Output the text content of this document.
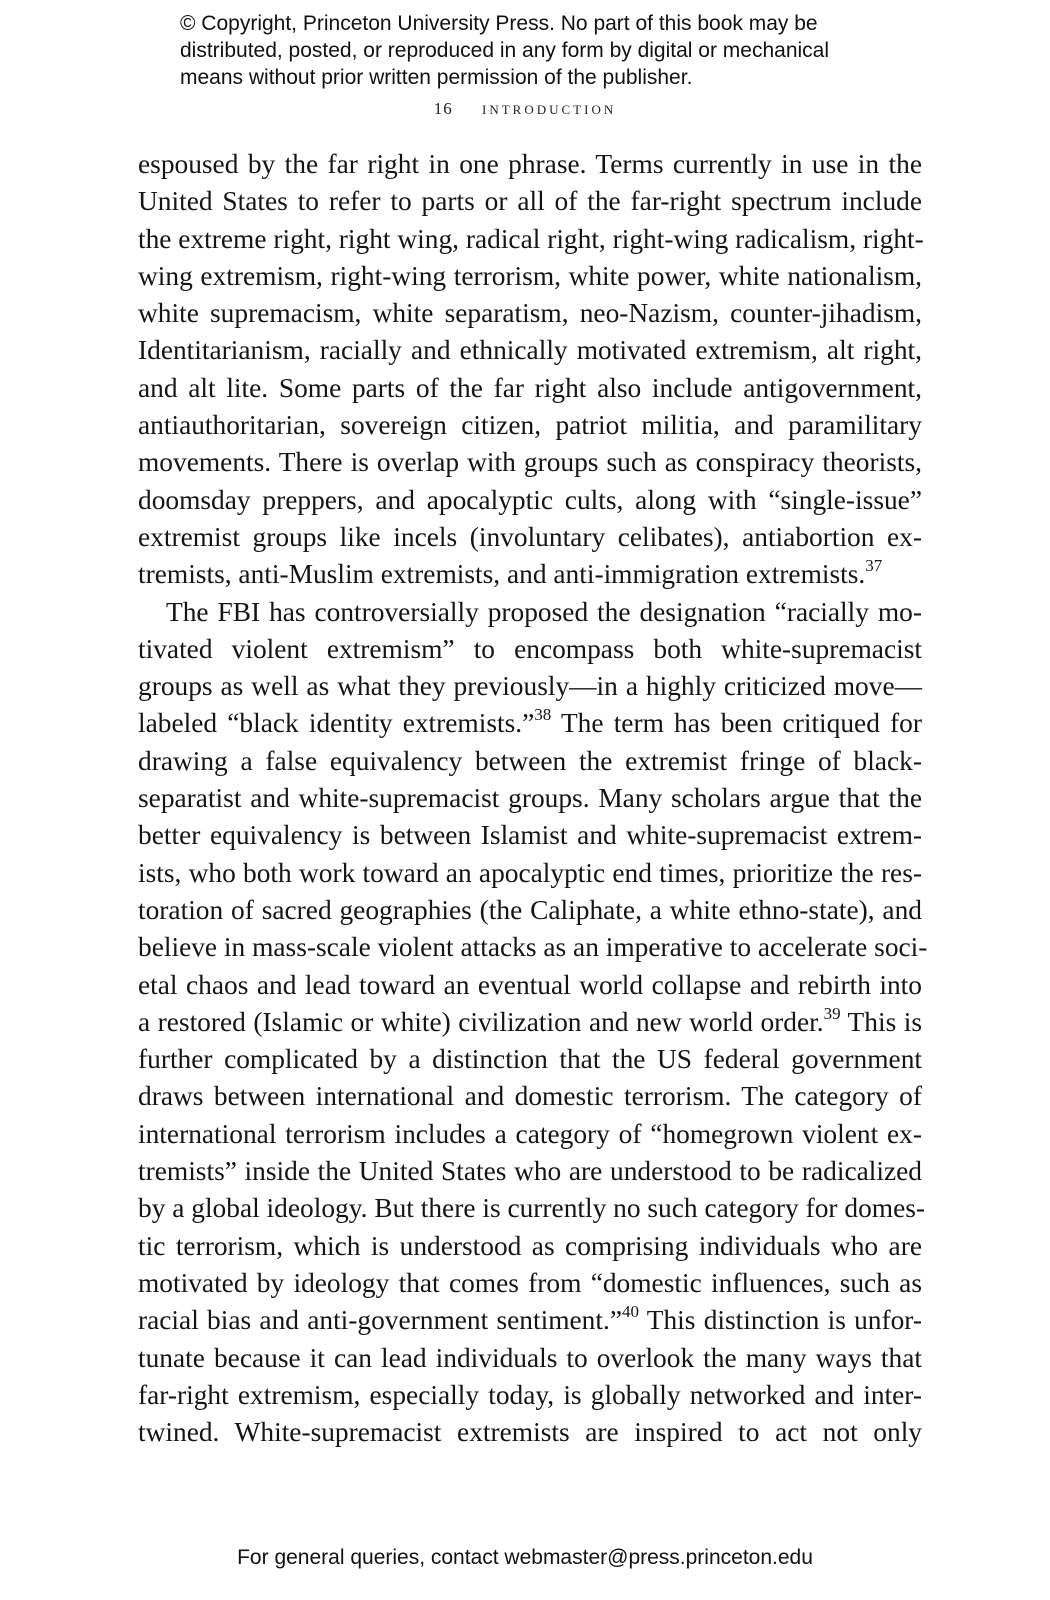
© Copyright, Princeton University Press. No part of this book may be
distributed, posted, or reproduced in any form by digital or mechanical
means without prior written permission of the publisher.
16 introduction
espoused by the far right in one phrase. Terms currently in use in the
United States to refer to parts or all of the far-right spectrum include
the extreme right, right wing, radical right, right-wing radicalism, right-
wing extremism, right-wing terrorism, white power, white nationalism,
white supremacism, white separatism, neo-Nazism, counter-jihadism,
Identitarianism, racially and ethnically motivated extremism, alt right,
and alt lite. Some parts of the far right also include antigovernment,
antiauthoritarian, sovereign citizen, patriot militia, and paramilitary
movements. There is overlap with groups such as conspiracy theorists,
doomsday preppers, and apocalyptic cults, along with “single-issue”
extremist groups like incels (involuntary celibates), antiabortion ex-
tremists, anti-Muslim extremists, and anti-immigration extremists.$^{37}$
The FBI has controversially proposed the designation “racially mo-
tivated violent extremism” to encompass both white-supremacist
groups as well as what they previously—in a highly criticized move—
labeled “black identity extremists.”$^{38}$ The term has been critiqued for
drawing a false equivalency between the extremist fringe of black-
separatist and white-supremacist groups. Many scholars argue that the
better equivalency is between Islamist and white-supremacist extrem-
ists, who both work toward an apocalyptic end times, prioritize the res-
toration of sacred geographies (the Caliphate, a white ethno-state), and
believe in mass-scale violent attacks as an imperative to accelerate soci-
etal chaos and lead toward an eventual world collapse and rebirth into
a restored (Islamic or white) civilization and new world order.$^{39}$ This is
further complicated by a distinction that the US federal government
draws between international and domestic terrorism. The category of
international terrorism includes a category of “homegrown violent ex-
tremists” inside the United States who are understood to be radicalized
by a global ideology. But there is currently no such category for domes-
tic terrorism, which is understood as comprising individuals who are
motivated by ideology that comes from “domestic influences, such as
racial bias and anti-government sentiment.”$^{40}$ This distinction is unfor-
tunate because it can lead individuals to overlook the many ways that
far-right extremism, especially today, is globally networked and inter-
twined. White-supremacist extremists are inspired to act not only
For general queries, contact webmaster@press.princeton.edu
